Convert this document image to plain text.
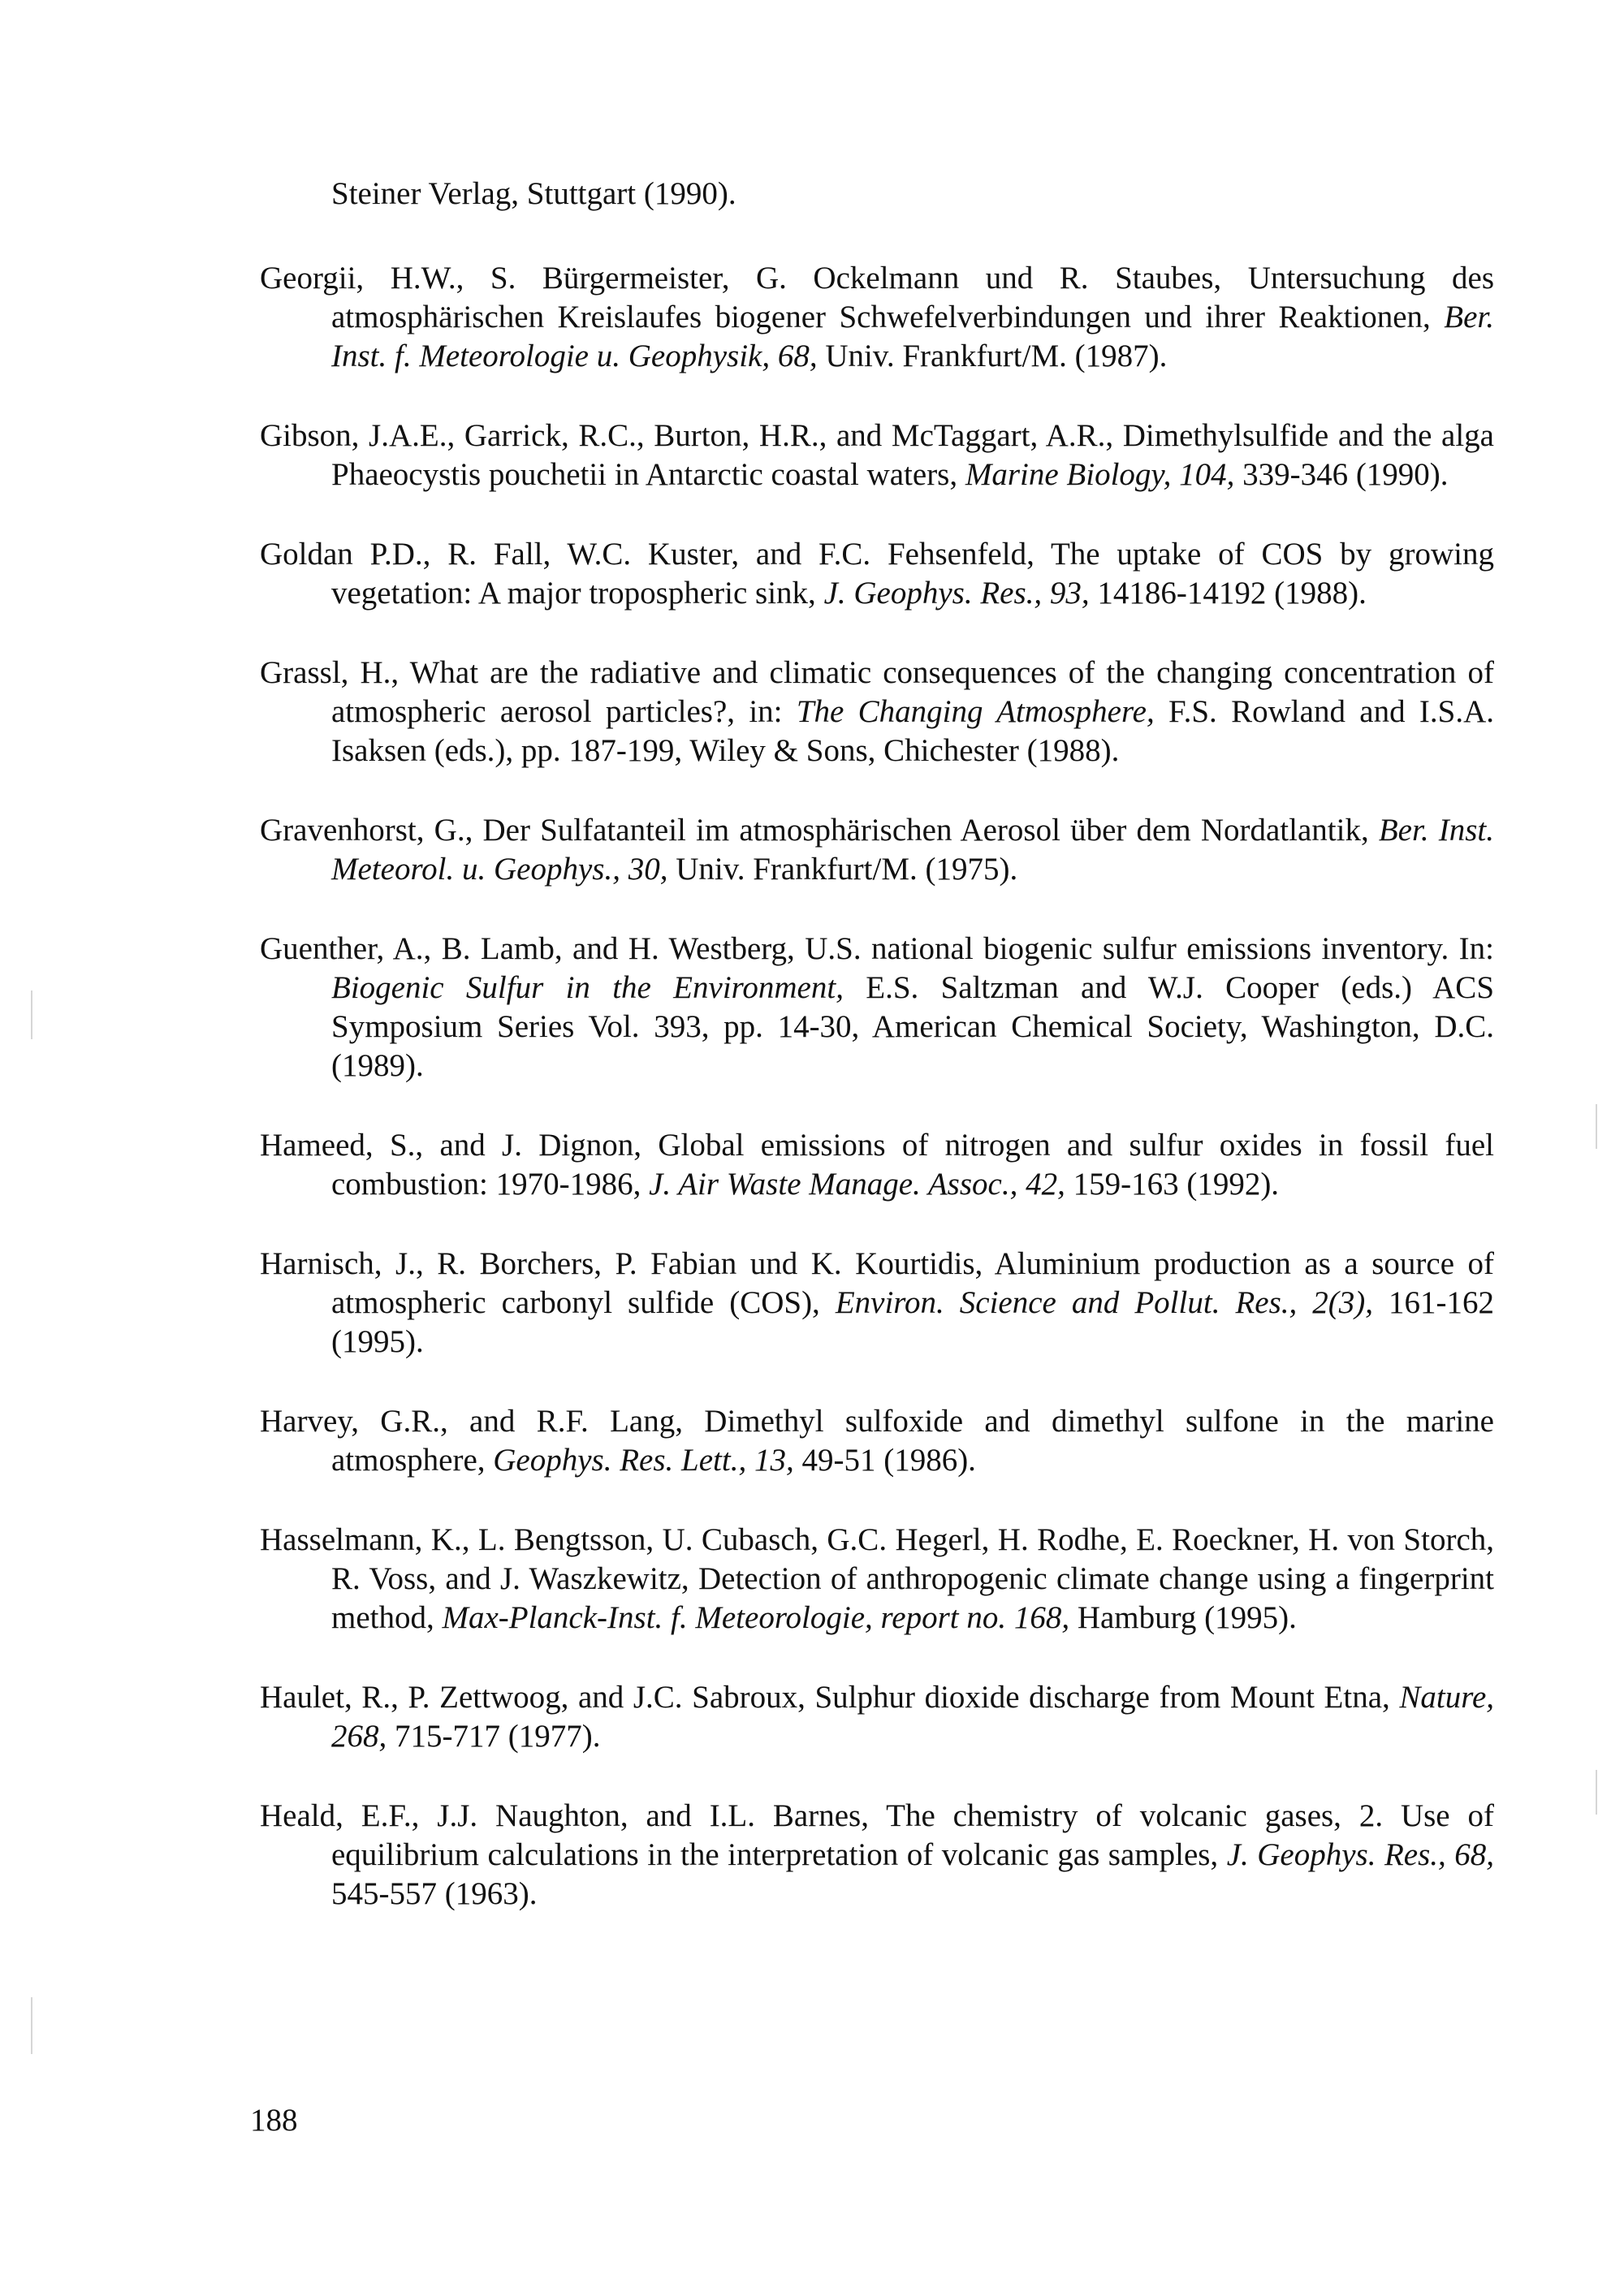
Steiner Verlag, Stuttgart (1990).

Georgii, H.W., S. Bürgermeister, G. Ockelmann und R. Staubes, Untersuchung des atmosphärischen Kreislaufes biogener Schwefelverbindungen und ihrer Reaktionen, Ber. Inst. f. Meteorologie u. Geophysik, 68, Univ. Frankfurt/M. (1987).

Gibson, J.A.E., Garrick, R.C., Burton, H.R., and McTaggart, A.R., Dimethylsulfide and the alga Phaeocystis pouchetii in Antarctic coastal waters, Marine Biology, 104, 339-346 (1990).

Goldan P.D., R. Fall, W.C. Kuster, and F.C. Fehsenfeld, The uptake of COS by growing vegetation: A major tropospheric sink, J. Geophys. Res., 93, 14186-14192 (1988).

Grassl, H., What are the radiative and climatic consequences of the changing concentration of atmospheric aerosol particles?, in: The Changing Atmosphere, F.S. Rowland and I.S.A. Isaksen (eds.), pp. 187-199, Wiley & Sons, Chichester (1988).

Gravenhorst, G., Der Sulfatanteil im atmosphärischen Aerosol über dem Nordatlantik, Ber. Inst. Meteorol. u. Geophys., 30, Univ. Frankfurt/M. (1975).

Guenther, A., B. Lamb, and H. Westberg, U.S. national biogenic sulfur emissions inventory. In: Biogenic Sulfur in the Environment, E.S. Saltzman and W.J. Cooper (eds.) ACS Symposium Series Vol. 393, pp. 14-30, American Chemical Society, Washington, D.C. (1989).

Hameed, S., and J. Dignon, Global emissions of nitrogen and sulfur oxides in fossil fuel combustion: 1970-1986, J. Air Waste Manage. Assoc., 42, 159-163 (1992).

Harnisch, J., R. Borchers, P. Fabian und K. Kourtidis, Aluminium production as a source of atmospheric carbonyl sulfide (COS), Environ. Science and Pollut. Res., 2(3), 161-162 (1995).

Harvey, G.R., and R.F. Lang, Dimethyl sulfoxide and dimethyl sulfone in the marine atmosphere, Geophys. Res. Lett., 13, 49-51 (1986).

Hasselmann, K., L. Bengtsson, U. Cubasch, G.C. Hegerl, H. Rodhe, E. Roeckner, H. von Storch, R. Voss, and J. Waszkewitz, Detection of anthropogenic climate change using a fingerprint method, Max-Planck-Inst. f. Meteorologie, report no. 168, Hamburg (1995).

Haulet, R., P. Zettwoog, and J.C. Sabroux, Sulphur dioxide discharge from Mount Etna, Nature, 268, 715-717 (1977).

Heald, E.F., J.J. Naughton, and I.L. Barnes, The chemistry of volcanic gases, 2. Use of equilibrium calculations in the interpretation of volcanic gas samples, J. Geophys. Res., 68, 545-557 (1963).

188
